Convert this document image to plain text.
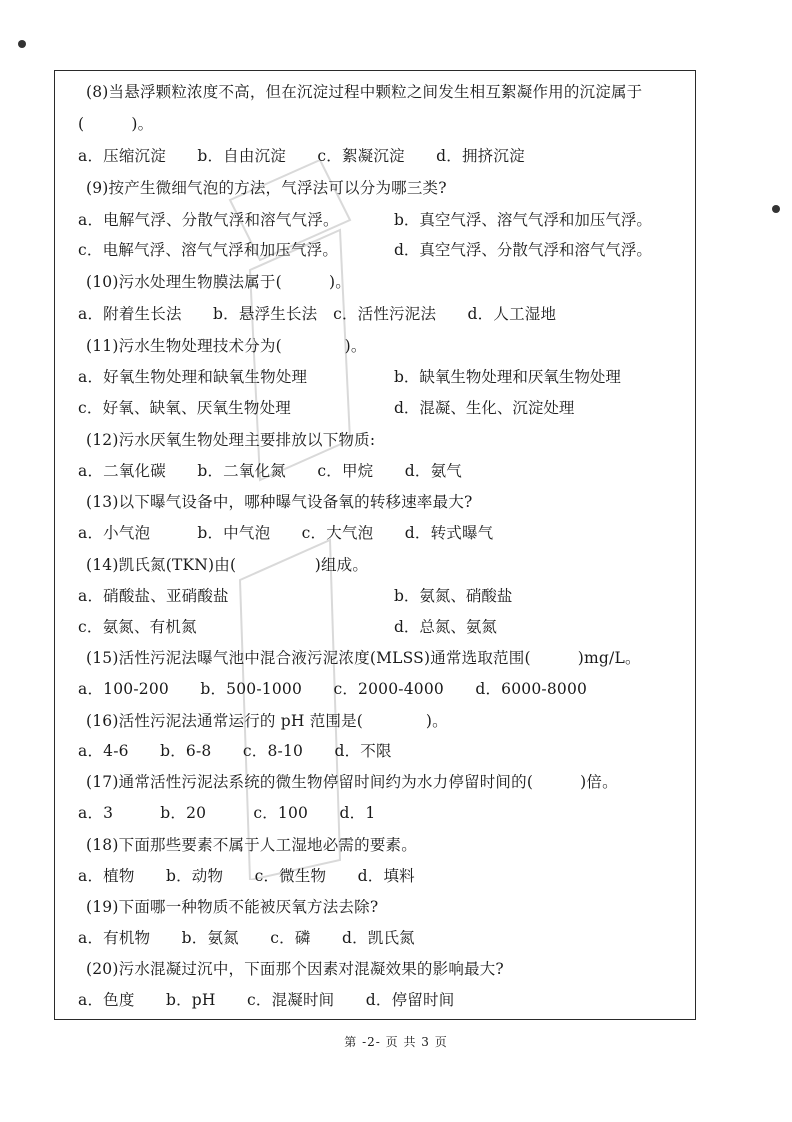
(8)当悬浮颗粒浓度不高，但在沉淀过程中颗粒之间发生相互絮凝作用的沉淀属于
(　　　)。
a．压缩沉淀　　b．自由沉淀　　c．絮凝沉淀　　d．拥挤沉淀
(9)按产生微细气泡的方法，气浮法可以分为哪三类?
a．电解气浮、分散气浮和溶气气浮。	b．真空气浮、溶气气浮和加压气浮。
c．电解气浮、溶气气浮和加压气浮。	d．真空气浮、分散气浮和溶气气浮。
(10)污水处理生物膜法属于(　　　)。
a．附着生长法　　b．悬浮生长法　c．活性污泥法　　d．人工湿地
(11)污水生物处理技术分为(　　　　)。
a．好氧生物处理和缺氧生物处理	b．缺氧生物处理和厌氧生物处理
c．好氧、缺氧、厌氧生物处理	d．混凝、生化、沉淀处理
(12)污水厌氧生物处理主要排放以下物质:
a．二氧化碳　　b．二氧化氮　　c．甲烷　　d．氨气
(13)以下曝气设备中，哪种曝气设备氧的转移速率最大?
a．小气泡　　　b．中气泡　　c．大气泡　　d．转式曝气
(14)凯氏氮(TKN)由(　　　　　)组成。
a．硝酸盐、亚硝酸盐	b．氨氮、硝酸盐
c．氨氮、有机氮	d．总氮、氨氮
(15)活性污泥法曝气池中混合液污泥浓度(MLSS)通常选取范围(　　　)mg/L。
a．100-200　　b．500-1000　　c．2000-4000　　d．6000-8000
(16)活性污泥法通常运行的 pH 范围是(　　　　)。
a．4-6　　b．6-8　　c．8-10　　d．不限
(17)通常活性污泥法系统的微生物停留时间约为水力停留时间的(　　　)倍。
a．3　　　b．20　　　c．100　　d．1
(18)下面那些要素不属于人工湿地必需的要素。
a．植物　　b．动物　　c．微生物　　d．填料
(19)下面哪一种物质不能被厌氧方法去除?
a．有机物　　b．氨氮　　c．磷　　d．凯氏氮
(20)污水混凝过沉中，下面那个因素对混凝效果的影响最大?
a．色度　　b．pH　　c．混凝时间　　d．停留时间
第 -2- 页 共 3 页
